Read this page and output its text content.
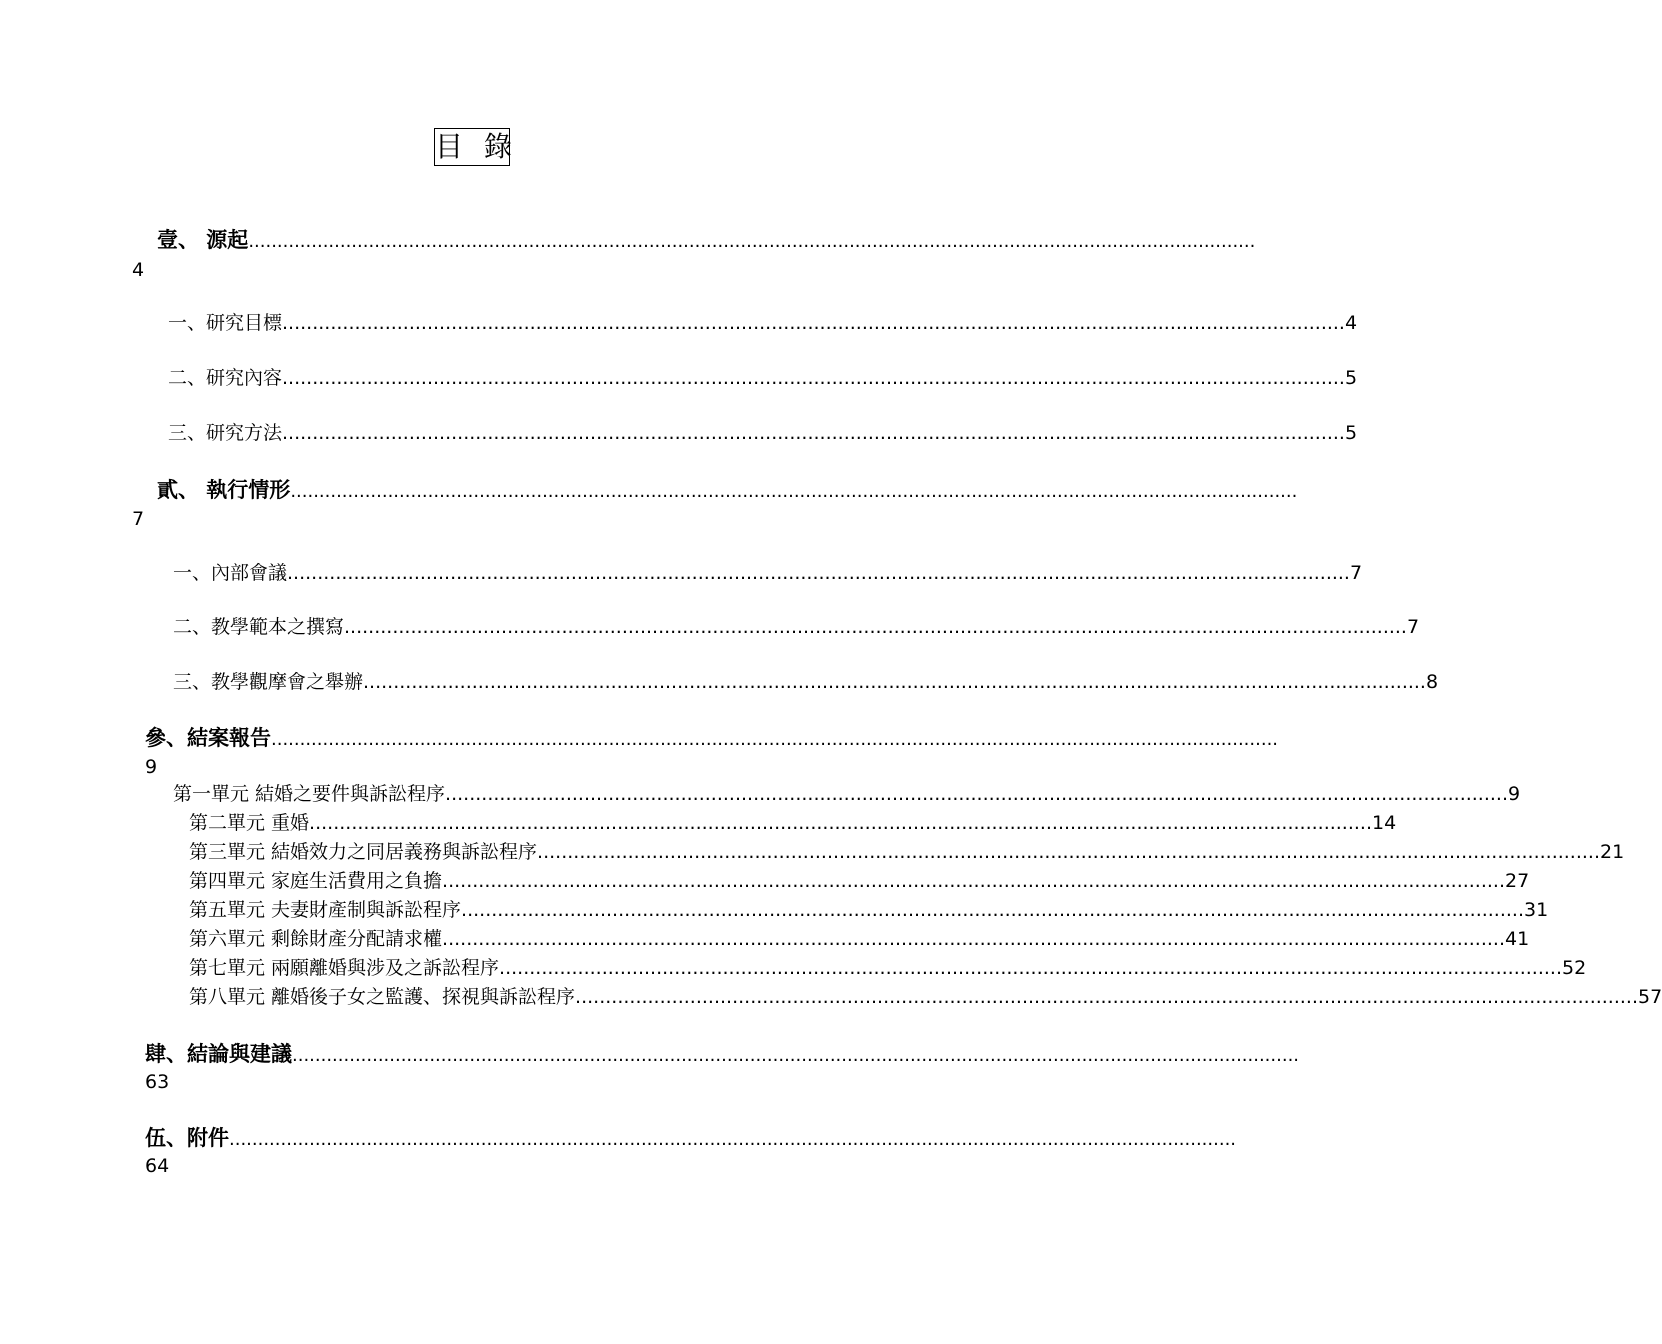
目 錄
壹、 源起 ................................................................................................................................................................................
4
一、研究目標 ................................................................................................................................................................................ 4
二、研究內容 ................................................................................................................................................................................ 5
三、研究方法 ................................................................................................................................................................................ 5
貳、 執行情形 ................................................................................................................................................................................
7
一、內部會議 ................................................................................................................................................................................ 7
二、教學範本之撰寫 ................................................................................................................................................................................ 7
三、教學觀摩會之舉辦 ................................................................................................................................................................................ 8
參、結案報告 ................................................................................................................................................................................
9
第一單元 結婚之要件與訴訟程序 ................................................................................................................................................................................ 9
第二單元 重婚 ................................................................................................................................................................................ 14
第三單元 結婚效力之同居義務與訴訟程序 ................................................................................................................................................................................ 21
第四單元 家庭生活費用之負擔 ................................................................................................................................................................................ 27
第五單元 夫妻財產制與訴訟程序 ................................................................................................................................................................................ 31
第六單元 剩餘財產分配請求權 ................................................................................................................................................................................ 41
第七單元 兩願離婚與涉及之訴訟程序 ................................................................................................................................................................................ 52
第八單元 離婚後子女之監護、探視與訴訟程序 ................................................................................................................................................................................ 57
肆、結論與建議 ................................................................................................................................................................................
63
伍、附件 ................................................................................................................................................................................
64
